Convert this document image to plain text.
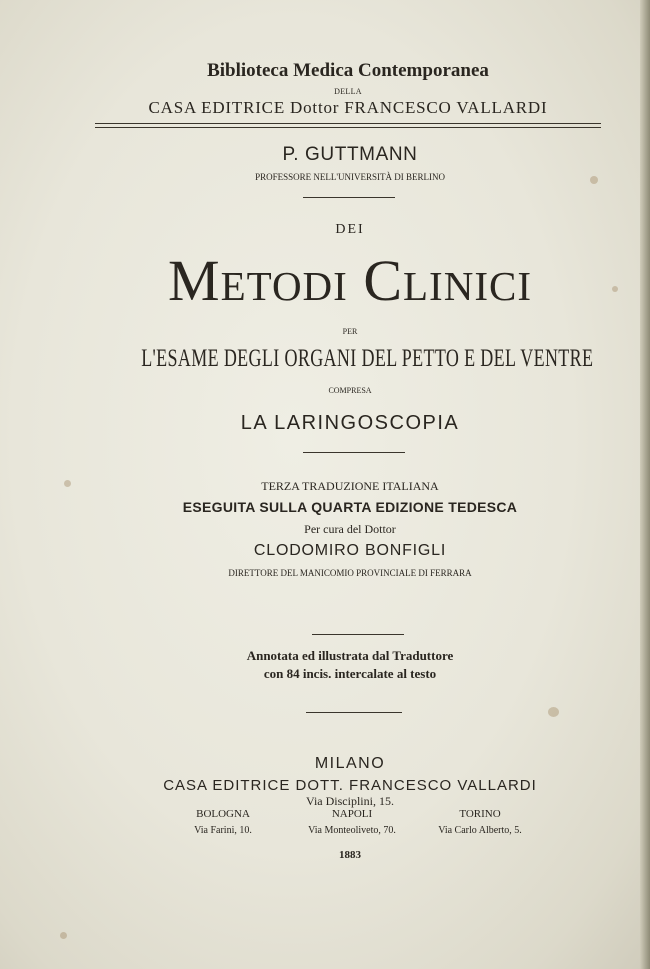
Biblioteca Medica Contemporanea
DELLA
CASA EDITRICE Dottor FRANCESCO VALLARDI
P. GUTTMANN
PROFESSORE NELL'UNIVERSITÀ DI BERLINO
DEI
Metodi Clinici
PER
L'ESAME DEGLI ORGANI DEL PETTO E DEL VENTRE
COMPRESA
LA LARINGOSCOPIA
TERZA TRADUZIONE ITALIANA
ESEGUITA SULLA QUARTA EDIZIONE TEDESCA
Per cura del Dottor
CLODOMIRO BONFIGLI
DIRETTORE DEL MANICOMIO PROVINCIALE DI FERRARA
Annotata ed illustrata dal Traduttore
con 84 incis. intercalate al testo
MILANO
CASA EDITRICE DOTT. FRANCESCO VALLARDI
Via Disciplini, 15.
BOLOGNA
Via Farini, 10.
NAPOLI
Via Monteoliveto, 70.
TORINO
Via Carlo Alberto, 5.
1883
